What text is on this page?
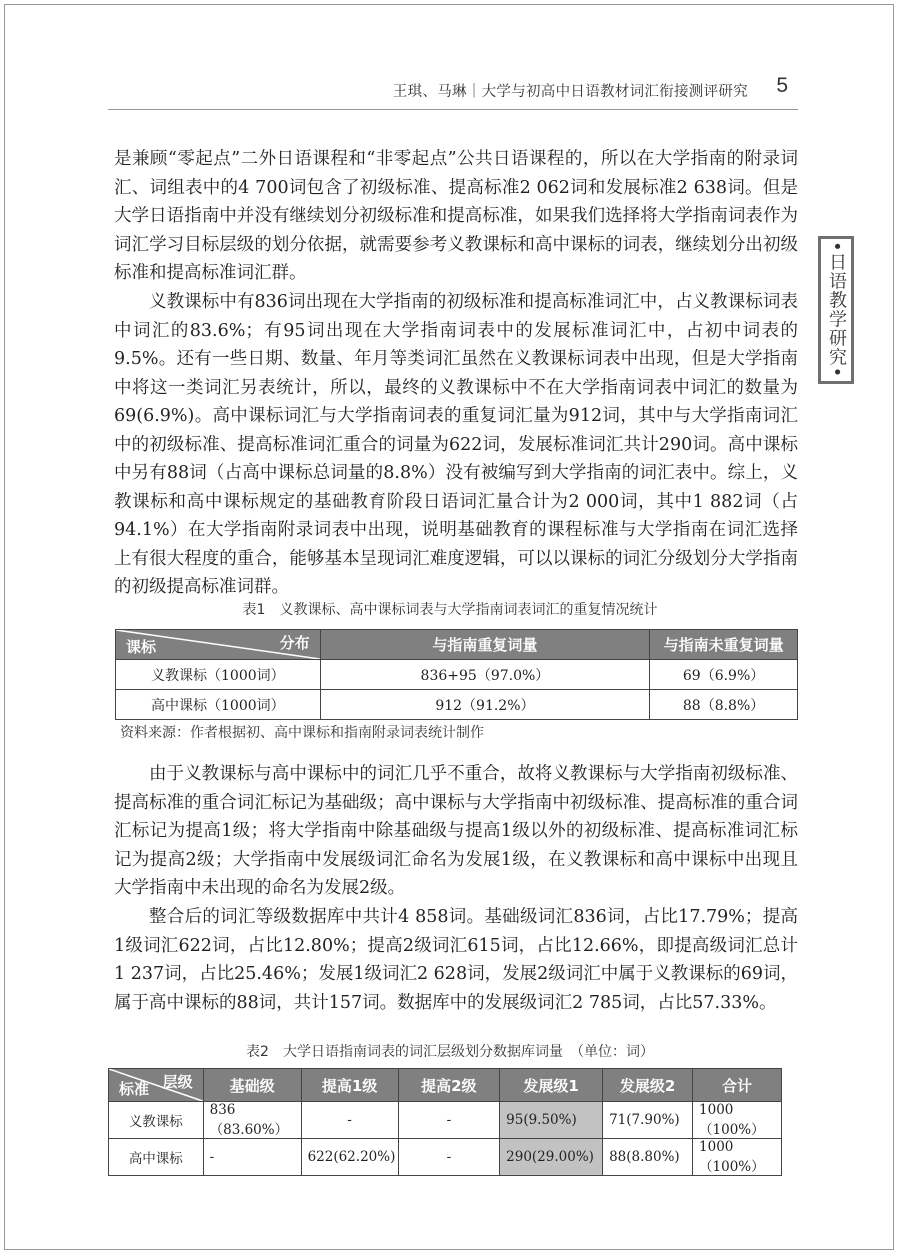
王琪、马琳｜大学与初高中日语教材词汇衔接测评研究 5
•日语教学研究•

是兼顾“零起点”二外日语课程和“非零起点”公共日语课程的，所以在大学指南的附录词汇、词组表中的4 700词包含了初级标准、提高标准2 062词和发展标准2 638词。但是大学日语指南中并没有继续划分初级标准和提高标准，如果我们选择将大学指南词表作为词汇学习目标层级的划分依据，就需要参考义教课标和高中课标的词表，继续划分出初级标准和提高标准词汇群。

义教课标中有836词出现在大学指南的初级标准和提高标准词汇中，占义教课标词表中词汇的83.6%；有95词出现在大学指南词表中的发展标准词汇中，占初中词表的9.5%。还有一些日期、数量、年月等类词汇虽然在义教课标词表中出现，但是大学指南中将这一类词汇另表统计，所以，最终的义教课标中不在大学指南词表中词汇的数量为69(6.9%)。高中课标词汇与大学指南词表的重复词汇量为912词，其中与大学指南词汇中的初级标准、提高标准词汇重合的词量为622词，发展标准词汇共计290词。高中课标中另有88词（占高中课标总词量的8.8%）没有被编写到大学指南的词汇表中。综上，义教课标和高中课标规定的基础教育阶段日语词汇量合计为2 000词，其中1 882词（占94.1%）在大学指南附录词表中出现，说明基础教育的课程标准与大学指南在词汇选择上有很大程度的重合，能够基本呈现词汇难度逻辑，可以以课标的词汇分级划分大学指南的初级提高标准词群。

表1　义教课标、高中课标词表与大学指南词表词汇的重复情况统计
分布
课标	与指南重复词量	与指南未重复词量
义教课标（1000词）	836+95（97.0%）	69（6.9%）
高中课标（1000词）	912（91.2%）	88（8.8%）
资料来源：作者根据初、高中课标和指南附录词表统计制作

由于义教课标与高中课标中的词汇几乎不重合，故将义教课标与大学指南初级标准、提高标准的重合词汇标记为基础级；高中课标与大学指南中初级标准、提高标准的重合词汇标记为提高1级；将大学指南中除基础级与提高1级以外的初级标准、提高标准词汇标记为提高2级；大学指南中发展级词汇命名为发展1级，在义教课标和高中课标中出现且大学指南中未出现的命名为发展2级。

整合后的词汇等级数据库中共计4 858词。基础级词汇836词，占比17.79%；提高1级词汇622词，占比12.80%；提高2级词汇615词，占比12.66%，即提高级词汇总计1 237词，占比25.46%；发展1级词汇2 628词，发展2级词汇中属于义教课标的69词，属于高中课标的88词，共计157词。数据库中的发展级词汇2 785词，占比57.33%。

表2　大学日语指南词表的词汇层级划分数据库词量　（单位：词）
层级
标准	基础级	提高1级	提高2级	发展级1	发展级2	合计
义教课标	836（83.60%）	-	-	95(9.50%)	71(7.90%)	1000（100%）
高中课标	-	622(62.20%)	-	290(29.00%)	88(8.80%)	1000（100%）
